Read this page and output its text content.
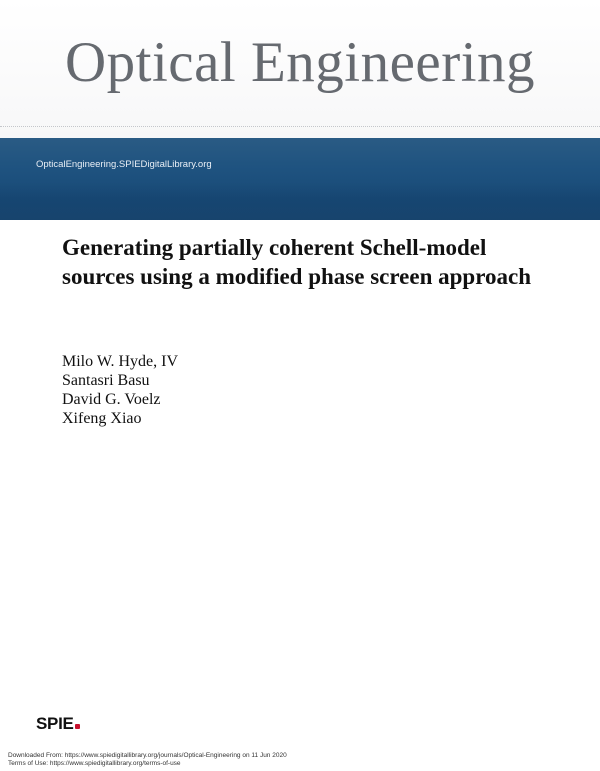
Optical Engineering
OpticalEngineering.SPIEDigitalLibrary.org
Generating partially coherent Schell-model sources using a modified phase screen approach
Milo W. Hyde, IV
Santasri Basu
David G. Voelz
Xifeng Xiao
SPIE
Downloaded From: https://www.spiedigitallibrary.org/journals/Optical-Engineering on 11 Jun 2020
Terms of Use: https://www.spiedigitallibrary.org/terms-of-use
